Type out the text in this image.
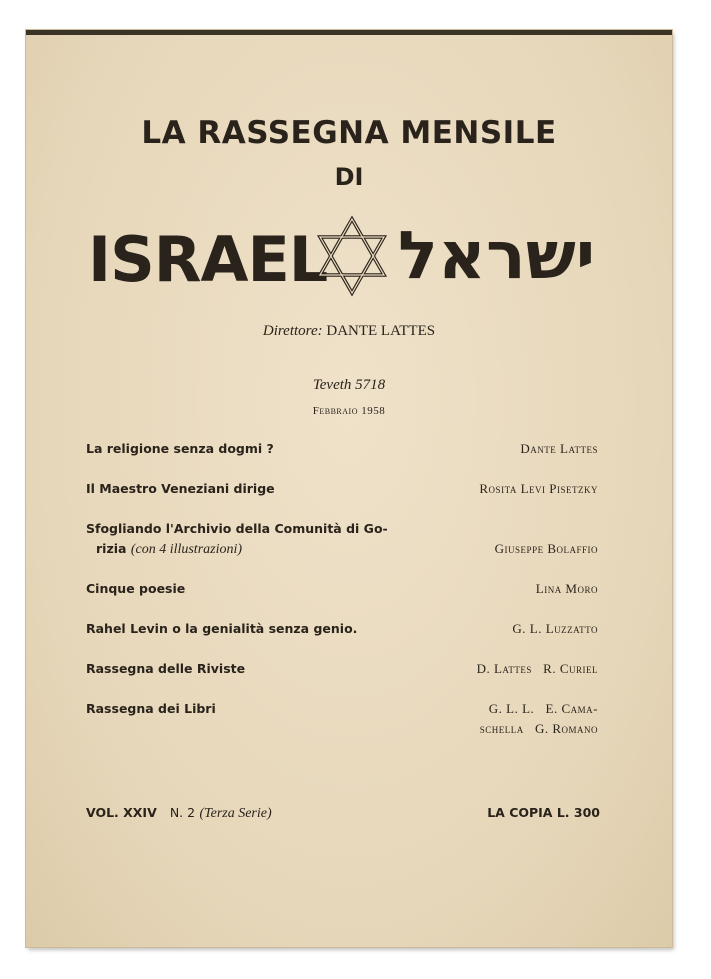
LA RASSEGNA MENSILE
DI
ISRAEL ישראל
Direttore: DANTE LATTES
Teveth 5718
Febbraio 1958
La religione senza dogmi ?	Dante Lattes
Il Maestro Veneziani dirige	Rosita Levi Pisetzky
Sfogliando l'Archivio della Comunità di Go-
rizia (con 4 illustrazioni)	Giuseppe Bolaffio
Cinque poesie	Lina Moro
Rahel Levin o la genialità senza genio.	G. L. Luzzatto
Rassegna delle Riviste	D. Lattes   R. Curiel
Rassegna dei Libri	G. L. L.   E. Cama-
schella   G. Romano
VOL. XXIV N. 2 (Terza Serie)	LA COPIA L. 300
